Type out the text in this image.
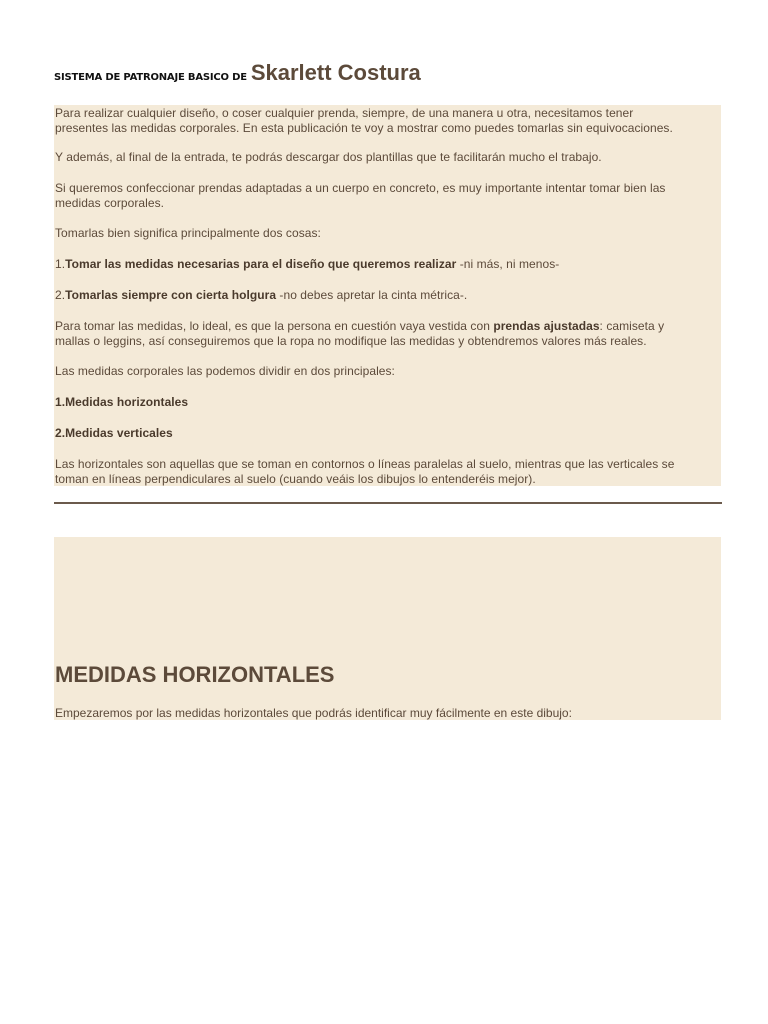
SISTEMA DE PATRONAJE BASICO DE Skarlett Costura

Para realizar cualquier diseño, o coser cualquier prenda, siempre, de una manera u otra, necesitamos tener
presentes las medidas corporales. En esta publicación te voy a mostrar como puedes tomarlas sin equivocaciones.

Y además, al final de la entrada, te podrás descargar dos plantillas que te facilitarán mucho el trabajo.

Si queremos confeccionar prendas adaptadas a un cuerpo en concreto, es muy importante intentar tomar bien las
medidas corporales.

Tomarlas bien significa principalmente dos cosas:

1.Tomar las medidas necesarias para el diseño que queremos realizar -ni más, ni menos-

2.Tomarlas siempre con cierta holgura -no debes apretar la cinta métrica-.

Para tomar las medidas, lo ideal, es que la persona en cuestión vaya vestida con prendas ajustadas: camiseta y
mallas o leggins, así conseguiremos que la ropa no modifique las medidas y obtendremos valores más reales.

Las medidas corporales las podemos dividir en dos principales:

1.Medidas horizontales

2.Medidas verticales

Las horizontales son aquellas que se toman en contornos o líneas paralelas al suelo, mientras que las verticales se
toman en líneas perpendiculares al suelo (cuando veáis los dibujos lo entenderéis mejor).

MEDIDAS HORIZONTALES

Empezaremos por las medidas horizontales que podrás identificar muy fácilmente en este dibujo:
